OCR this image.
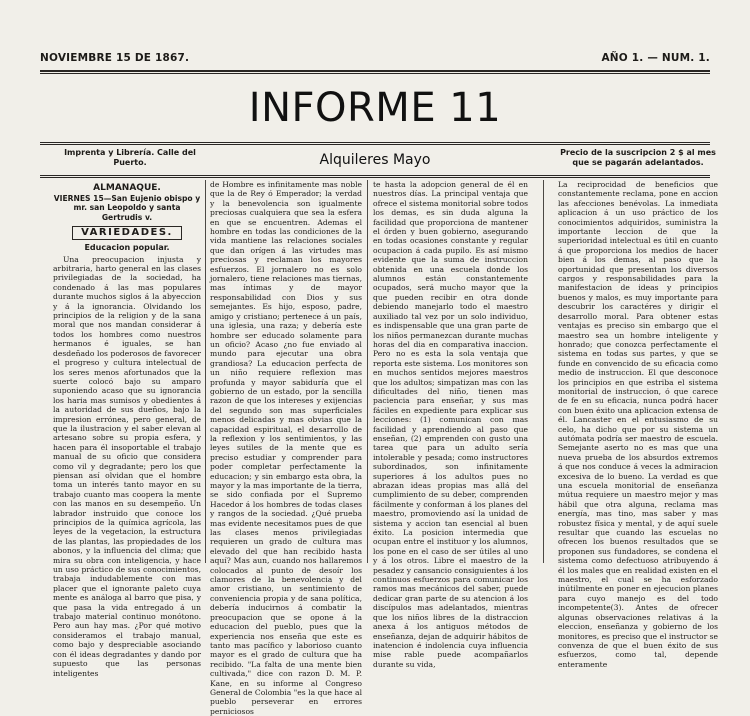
NOVIEMBRE 15 DE 1867.	AÑO 1. — NUM. 1.
INFORME 11
Imprenta y Librería. Calle del Puerto.	Alquileres Mayo	Precio de la suscripcion 2 $ al mes que se pagarán adelantados.
ALMANAQUE.
VIERNES 15—San Eujenio obispo y mr. san Leopoldo y santa Gertrudis v.
VARIEDADES.
Educacion popular.

Una preocupacion injusta y arbitraria, harto general en las clases privilegiadas de la sociedad, ha condenado á las mas populares durante muchos siglos á la abyeccion y á la ignorancia. Olvidando los principios de la religion y de la sana moral que nos mandan considerar á todos los hombres como nuestros hermanos é iguales, se han desdeñado los poderosos de favorecer el progreso y cultura intelectual de los seres menos afortunados que la suerte colocó bajo su amparo suponiendo acaso que su ignorancia los haria mas sumisos y obedientes á la autoridad de sus dueños, bajo la impresion errónea, pero general, de que la ilustracion y el saber elevan al artesano sobre su propia esfera, y hacen para él insoportable el trabajo manual de su oficio que considera como vil y degradante; pero los que piensan así olvidan que el hombre toma un interés tanto mayor en su trabajo cuanto mas coopera la mente con las manos en su desempeño. Un labrador instruido que conoce los principios de la química agrícola, las leyes de la vegetacion, la estructura de las plantas, las propiedades de los abonos, y la influencia del clima; que mira su obra con inteligencia, y hace un uso práctico de sus conocimientos, trabaja indudablemente con mas placer que el ignorante paleto cuya mente es análoga al barro que pisa, y que pasa la vida entregado á un trabajo material continuo monótono. Pero aun hay mas. ¿Por qué motivo consideramos el trabajo manual, como bajo y despreciable asociando con él ideas degradantes y dando por supuesto que las personas inteligentes

de Hombre es infinitamente mas noble que la de Rey ó Emperador; la verdad y la benevolencia son igualmente preciosas cualquiera que sea la esfera en que se encuentren. Ademas el hombre en todas las condiciones de la vida mantiene las relaciones sociales que dan orígen á las virtudes mas preciosas y reclaman los mayores esfuerzos. El jornalero no es solo jornalero, tiene relaciones mas tiernas, mas íntimas y de mayor responsabilidad con Dios y sus semejantes. Es hijo, esposo, padre, amigo y cristiano; pertenece á un país, una iglesia, una raza; y debería este hombre ser educado solamente para un oficio? Acaso ¿no fue enviado al mundo para ejecutar una obra grandiosa? La educacion perfecta de un niño requiere reflexion mas profunda y mayor sabiduría que el gobierno de un estado, por la sencilla razon de que los intereses y exijencias del segundo son mas superficiales menos delicadas y mas obvias que la capacidad espiritual, el desarrollo de la reflexion y los sentimientos, y las leyes sutiles de la mente que es preciso estudiar y comprender para poder completar perfectamente la educacion; y sin embargo esta obra, la mayor y la mas importante de la tierra, se sido confiada por el Supremo Hacedor á los hombres de todas clases y rangos de la sociedad. ¿Qué prueba mas evidente necesitamos pues de que las clases menos privilegiadas requieren un grado de cultura mas elevado del que han recibido hasta aquí? Mas aun, cuando nos hallaremos colocados al punto de desoír los clamores de la benevolencia y del amor cristiano, un sentimiento de conveniencia propia y de sana política, debería inducirnos á combatir la preocupacion que se opone á la educacion del pueblo, pues que la experiencia nos enseña que este es tanto mas pacífico y laborioso cuanto mayor es el grado de cultura que ha recibido. "La falta de una mente bien cultivada," dice con razon D. M. P. Kane, en su informe al Congreso General de Colombia "es la que hace al pueblo perseverar en errores perniciosos

te hasta la adopcion general de él en nuestros días. La principal ventaja que ofrece el sistema monitorial sobre todos los demas, es sin duda alguna la facilidad que proporciona de mantener el órden y buen gobierno, asegurando en todas ocasiones constante y regular ocupacion á cada pupilo. Es así mismo evidente que la suma de instruccion obtenida en una escuela donde los alumnos están constantemente ocupados, será mucho mayor que la que pueden recibir en otra donde debiendo manejarlo todo el maestro auxiliado tal vez por un solo individuo, es indispensable que una gran parte de los niños permanezcan durante muchas horas del dia en comparativa inaccion. Pero no es esta la sola ventaja que reporta este sistema. Los monitores son en muchos sentidos mejores maestros que los adultos; simpatizan mas con las dificultades del niño, tienen mas paciencia para enseñar, y sus mas fáciles en expediente para explicar sus lecciones: (1) comunican con mas facilidad y aprendiendo al paso que enseñan, (2) emprenden con gusto una tarea que para un adulto sería intolerable y pesada; como instructores subordinados, son infinitamente superiores á los adultos pues no abrazan ideas propias mas allá del cumplimiento de su deber, comprenden fácilmente y conforman á los planes del maestro, promoviendo así la unidad de sistema y accion tan esencial al buen éxito. La posicion intermedia que ocupan entre el instituor y los alumnos, los pone en el caso de ser útiles al uno y á los otros. Libre el maestro de la pesadez y cansancio consiguientes á los continuos esfuerzos para comunicar los ramos mas mecánicos del saber, puede dedicar gran parte de su atencion á los discípulos mas adelantados, mientras que los niños libres de la distraccion anexa á los antiguos métodos de enseñanza, dejan de adquirir hábitos de inatencion é indolencia cuya influencia mise rable puede acompañarlos durante su vida,

La reciprocidad de beneficios que constantemente reclama, pone en accion las afecciones benévolas. La inmediata aplicacion á un uso práctico de los conocimientos adquiridos, suministra la importante leccion de que la superioridad intelectual es útil en cuanto á que proporciona los medios de hacer bien á los demas, al paso que la oportunidad que presentan los diversos cargos y responsabilidades para la manifestacion de ideas y principios buenos y malos, es muy importante para descubrir los caractéres y dirigir el desarrollo moral. Para obtener estas ventajas es preciso sin embargo que el maestro sea un hombre inteligente y honrado; que conozca perfectamente el sistema en todas sus partes, y que se funde en convencido de su eficacia como medio de instruccion. El que desconoce los principios en que estriba el sistema monitorial de instruccion, ó que carece de fe en su eficacia, nunca podrá hacer con buen éxito una aplicacion extensa de él. Lancaster en el entusiasmo de su celo, ha dicho que por su sistema un autómata podría ser maestro de escuela. Semejante aserto no es mas que una nueva prueba de los absurdos extremos á que nos conduce á veces la admiracion excesiva de lo bueno. La verdad es que una escuela monitorial de enseñanza mútua requiere un maestro mejor y mas hábil que otra alguna, reclama mas energía, mas tino, mas saber y mas robustez física y mental, y de aquí suele resultar que cuando las escuelas no ofrecen los buenos resultados que se proponen sus fundadores, se condena el sistema como defectuoso atribuyendo á él los males que en realidad existen en el maestro, el cual se ha esforzado inútilmente en poner en ejecucion planes para cuyo manejo es del todo incompetente(3). Antes de ofrecer algunas observaciones relativas á la eleccion, enseñanza y gobierno de los monitores, es preciso que el instructor se convenza de que el buen éxito de sus esfuerzos, como tal, depende enteramente
